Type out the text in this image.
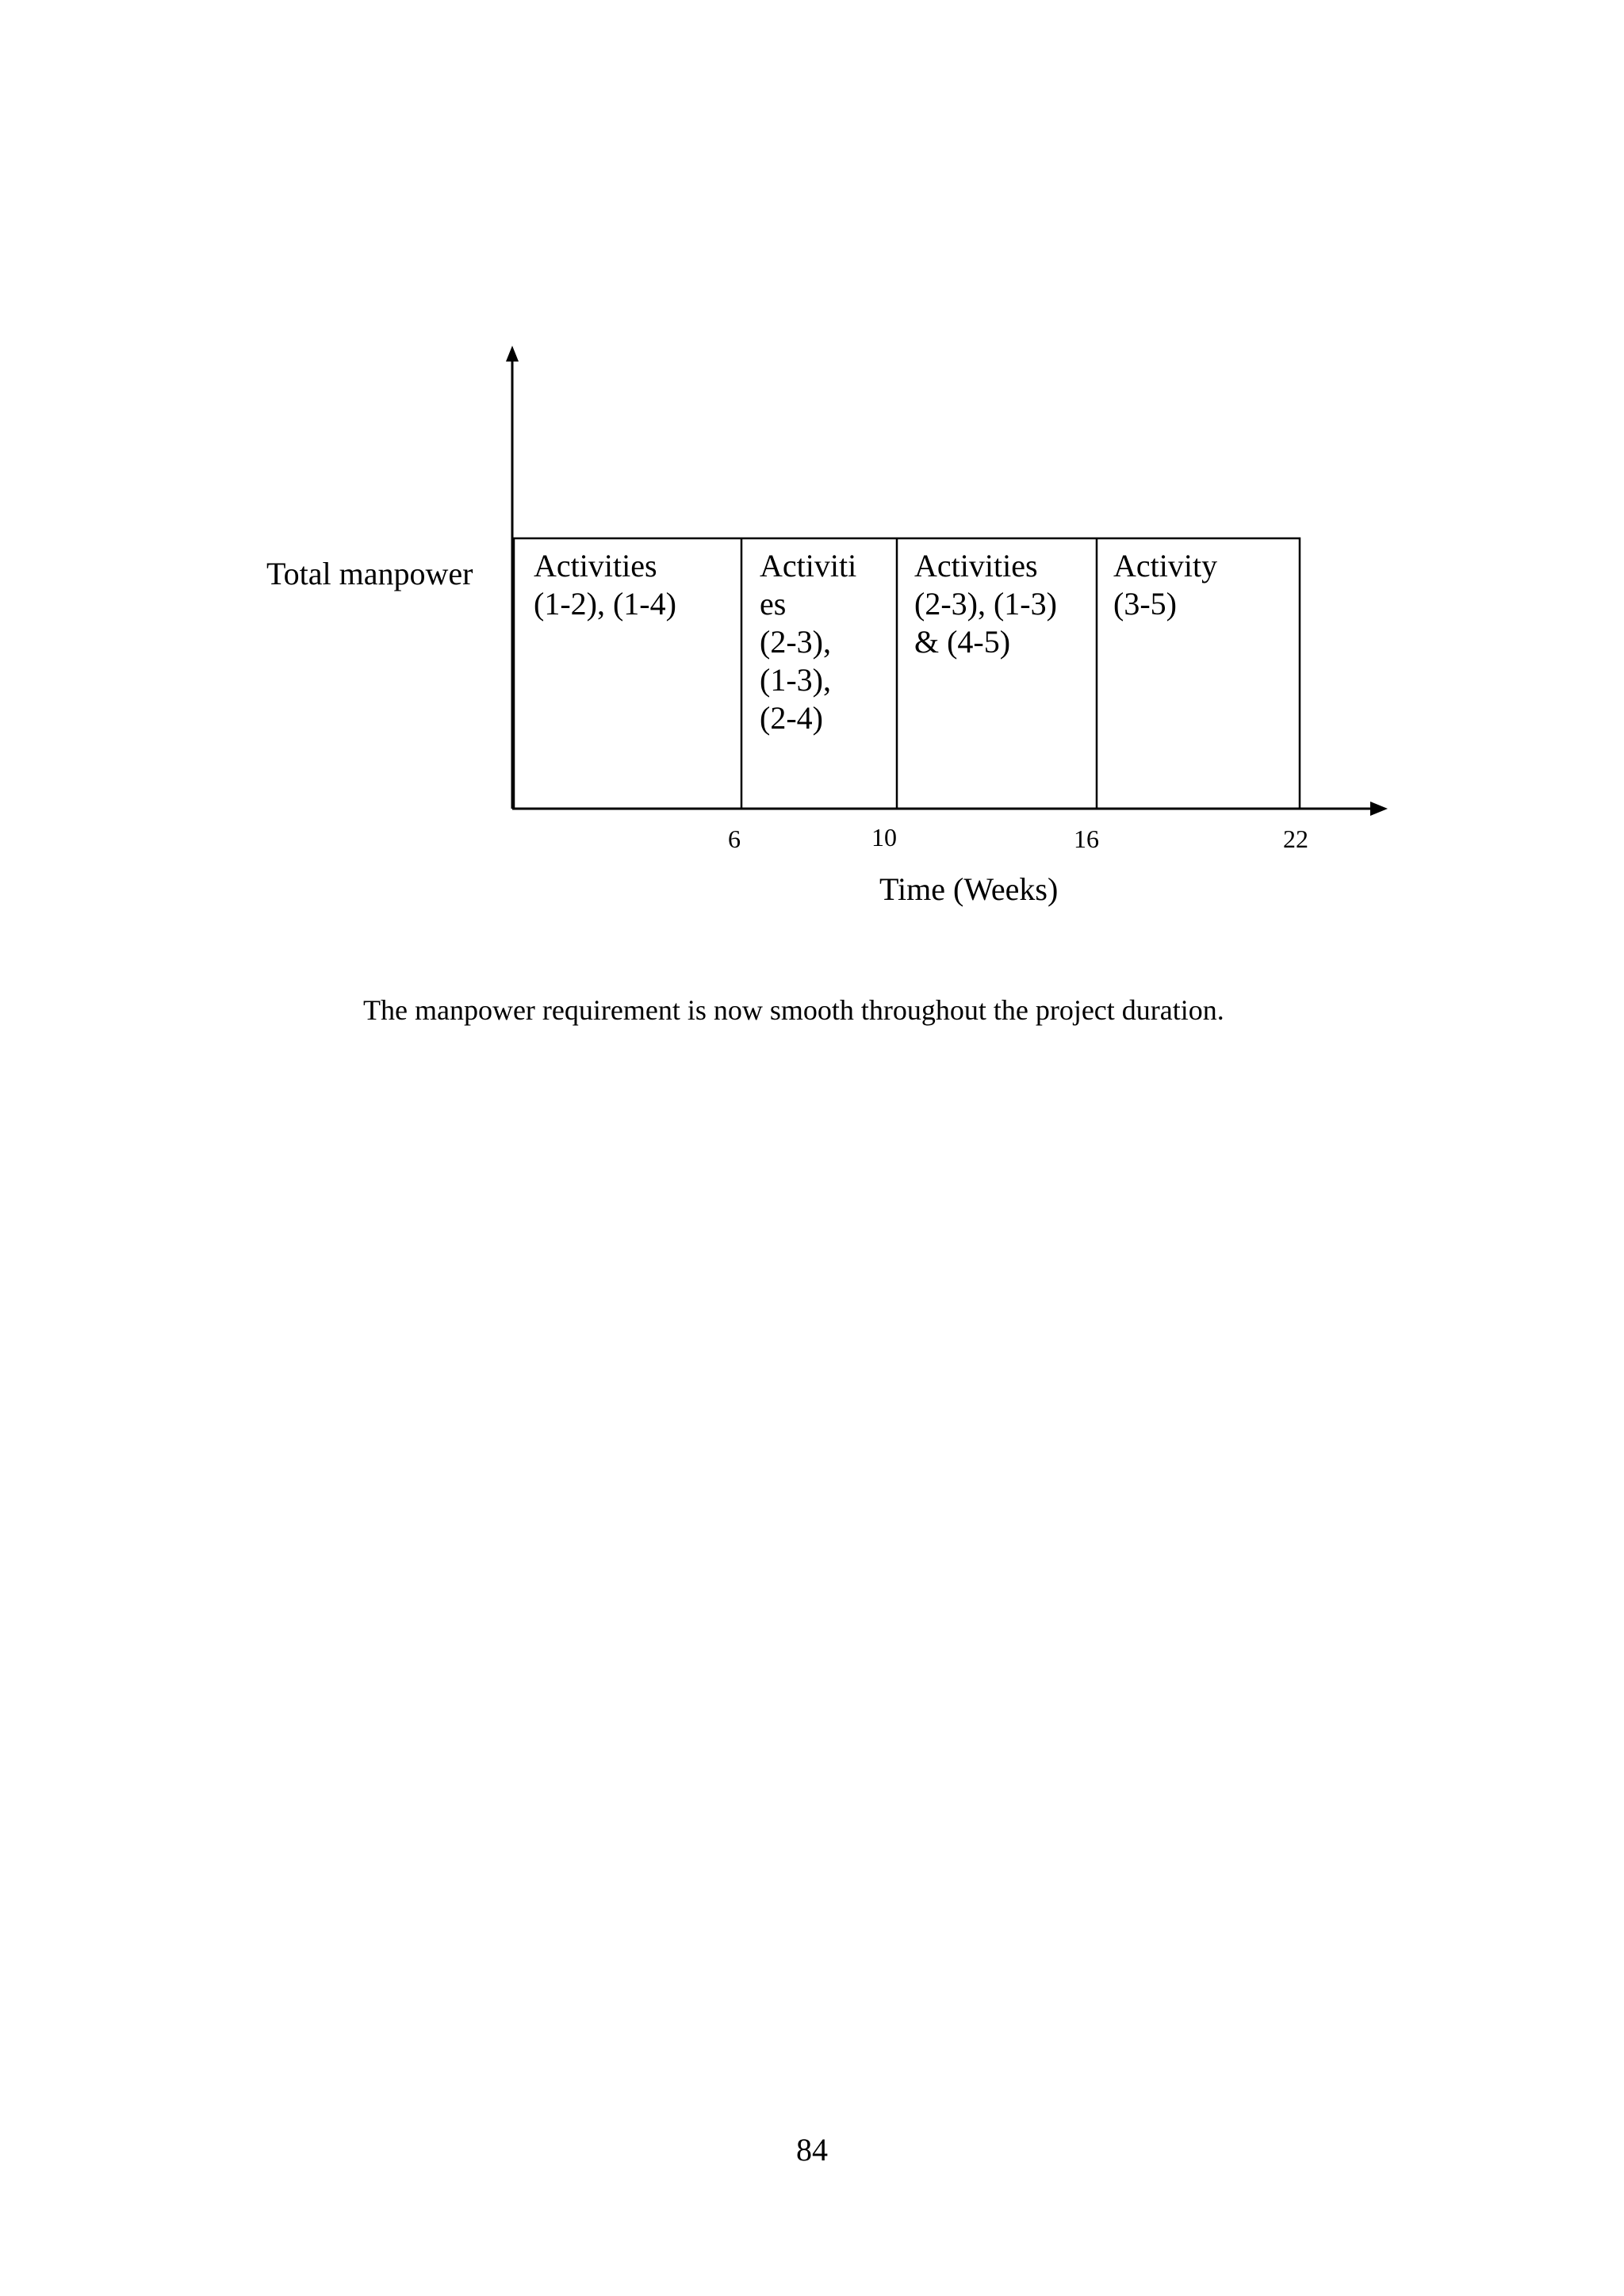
Total manpower Activities
(1-2), (1-4)
Activiti
es
(2-3),
(1-3),
(2-4)
Activities
(2-3), (1-3)
& (4-5)
Activity
(3-5)
6	10	16	22
Time (Weeks)
The manpower requirement is now smooth throughout the project duration.
84
